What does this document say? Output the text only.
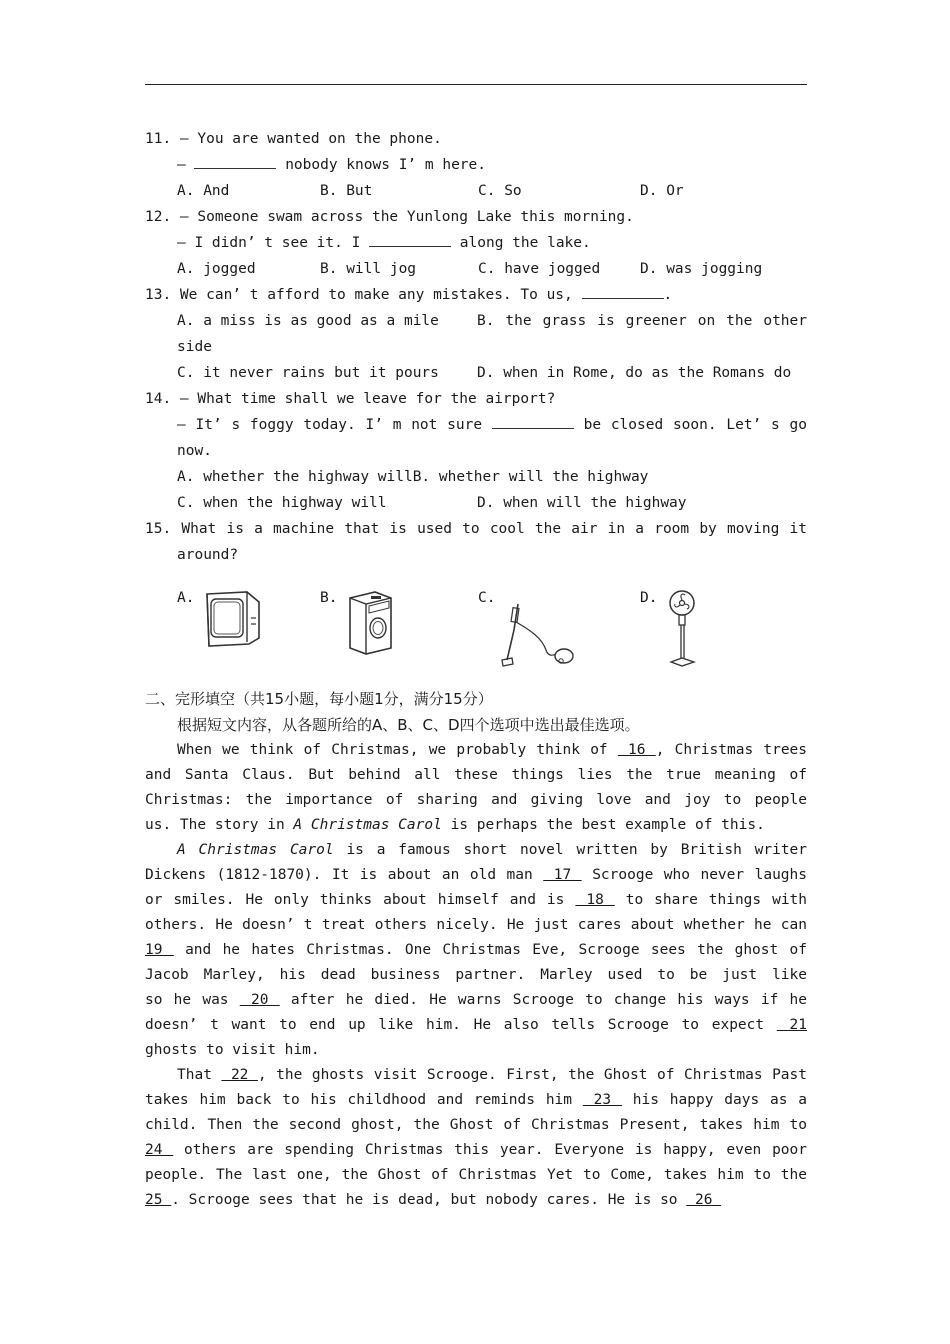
11. — You are wanted on the phone.
—	nobody knows I’ m here.
A. And	B. But	C. So	D. Or
12. — Someone swam across the Yunlong Lake this morning.
— I didn’ t see it. I	along the lake.
A. jogged	B. will jog	C. have jogged	D. was jogging
13. We can’ t afford to make any mistakes. To us,	.
A. a miss is as good as a mile	B. the grass is greener on the other
side
C. it never rains but it pours	D. when in Rome, do as the Romans do
14. — What time shall we leave for the airport?
— It’ s foggy today. I’ m not sure	be closed soon. Let’ s go
now.
A. whether the highway willB. whether will the highway
C. when the highway will	D. when will the highway
15. What is a machine that is used to cool the air in a room by moving it
around?
A.	B.	C.	D.
二、完形填空（共15小题，每小题1分，满分15分）
根据短文内容，从各题所给的A、B、C、D四个选项中选出最佳选项。
When we think of Christmas, we probably think of  16 , Christmas trees
and Santa Claus. But behind all these things lies the true meaning of
Christmas: the importance of sharing and giving love and joy to people
us. The story in A Christmas Carol is perhaps the best example of this.
A Christmas Carol is a famous short novel written by British writer
Dickens (1812-1870). It is about an old man  17  Scrooge who never laughs
or smiles. He only thinks about himself and is  18  to share things with
others. He doesn’ t treat others nicely. He just cares about whether he can
19  and he hates Christmas. One Christmas Eve, Scrooge sees the ghost of
Jacob Marley, his dead business partner. Marley used to be just like
so he was  20  after he died. He warns Scrooge to change his ways if he
doesn’ t want to end up like him. He also tells Scrooge to expect  21
ghosts to visit him.
That  22 , the ghosts visit Scrooge. First, the Ghost of Christmas Past
takes him back to his childhood and reminds him  23  his happy days as a
child. Then the second ghost, the Ghost of Christmas Present, takes him to
24  others are spending Christmas this year. Everyone is happy, even poor
people. The last one, the Ghost of Christmas Yet to Come, takes him to the
25 . Scrooge sees that he is dead, but nobody cares. He is so  26
